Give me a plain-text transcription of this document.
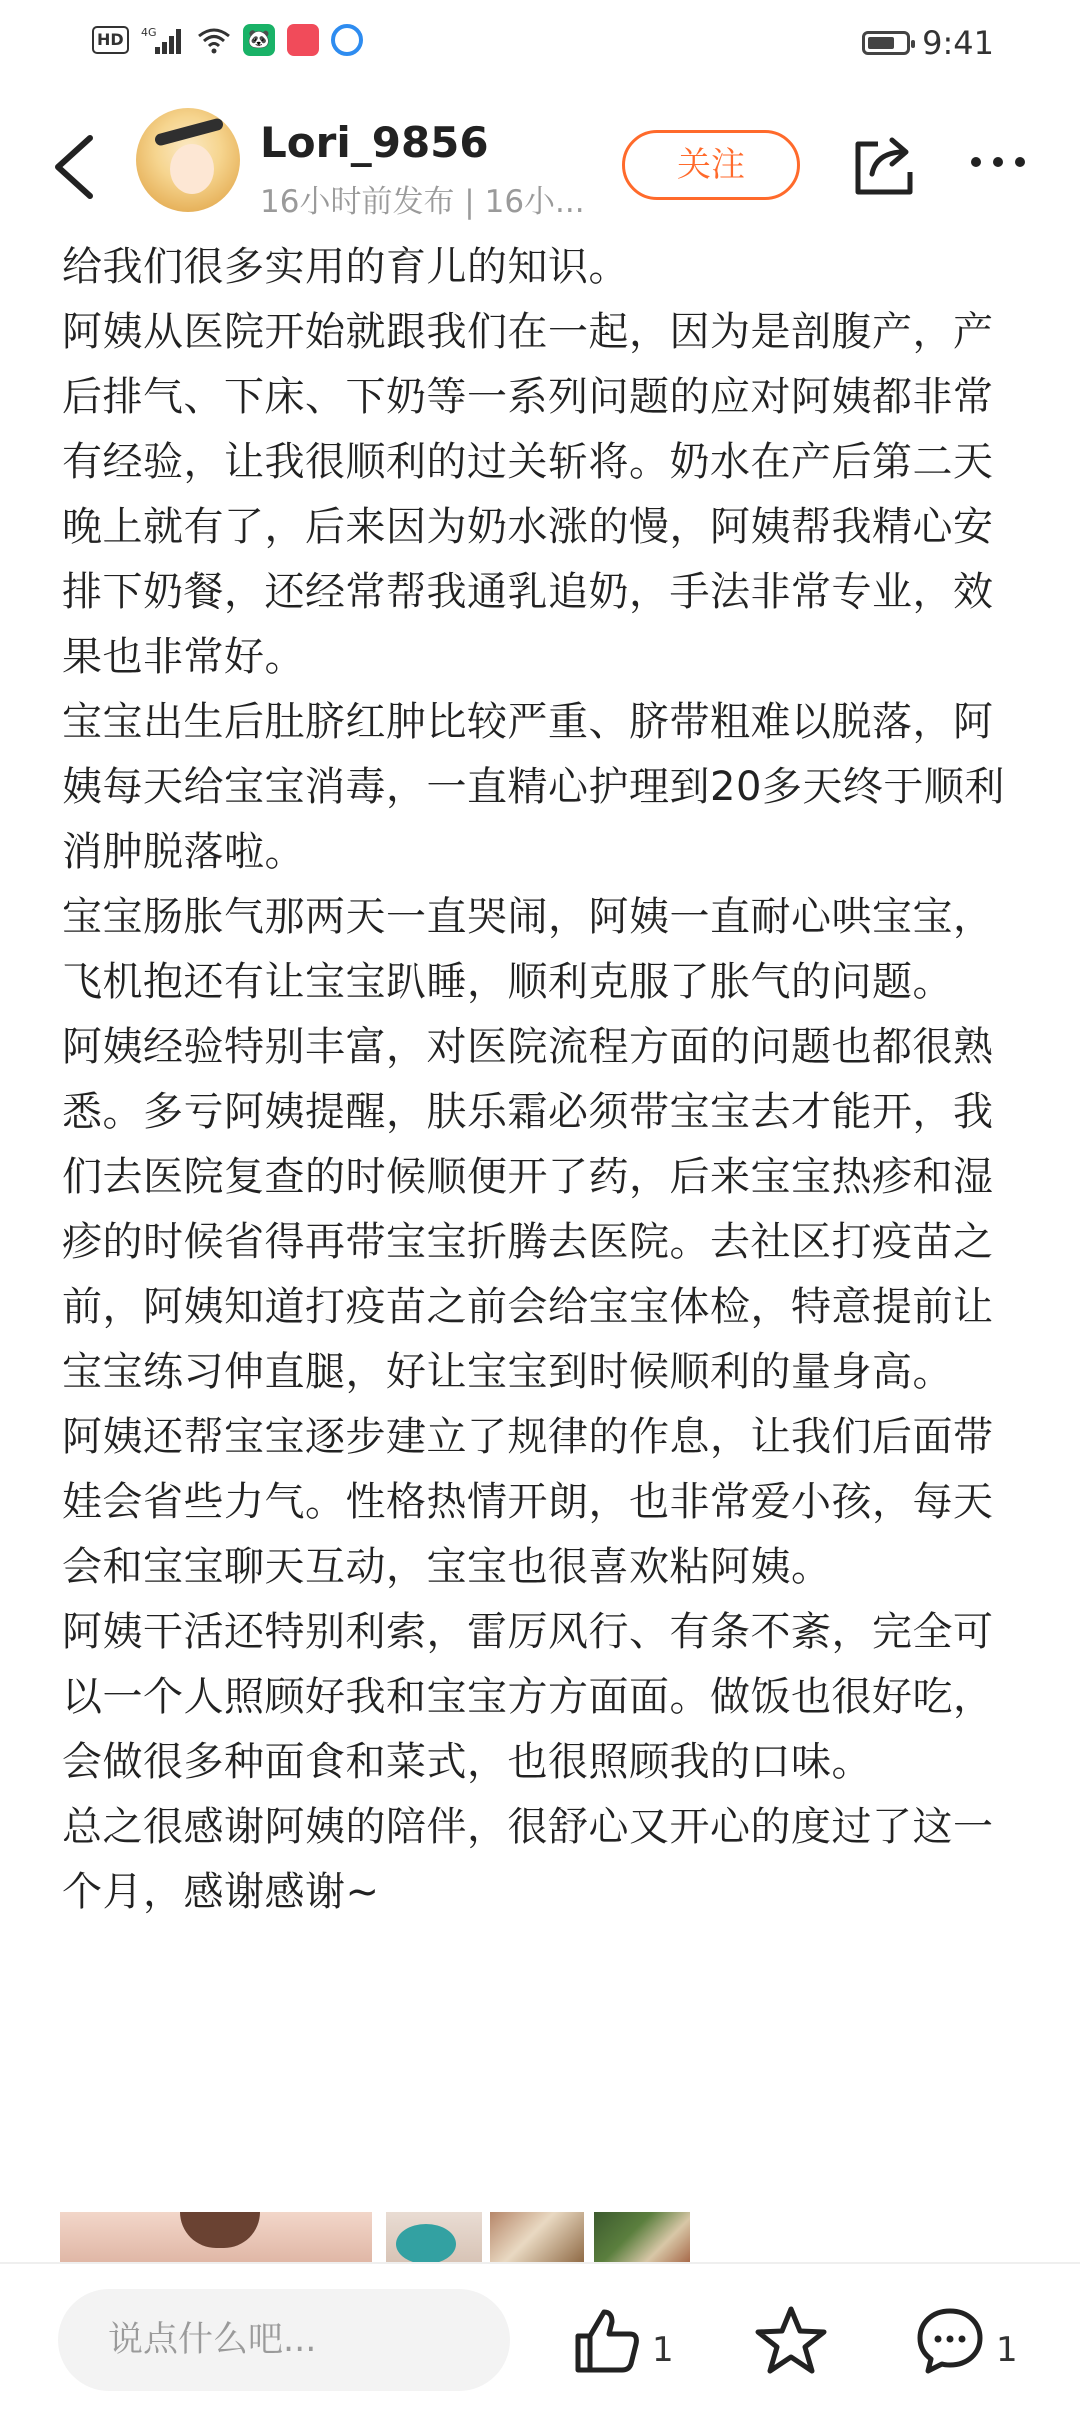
HD	4G	🐼	9:41
Lori_9856
16小时前发布 | 16小...
关注

给我们很多实用的育儿的知识。

阿姨从医院开始就跟我们在一起，因为是剖腹产，产后排气、下床、下奶等一系列问题的应对阿姨都非常有经验，让我很顺利的过关斩将。奶水在产后第二天晚上就有了，后来因为奶水涨的慢，阿姨帮我精心安排下奶餐，还经常帮我通乳追奶，手法非常专业，效果也非常好。

宝宝出生后肚脐红肿比较严重、脐带粗难以脱落，阿姨每天给宝宝消毒，一直精心护理到20多天终于顺利消肿脱落啦。

宝宝肠胀气那两天一直哭闹，阿姨一直耐心哄宝宝，飞机抱还有让宝宝趴睡，顺利克服了胀气的问题。

阿姨经验特别丰富，对医院流程方面的问题也都很熟悉。多亏阿姨提醒，肤乐霜必须带宝宝去才能开，我们去医院复查的时候顺便开了药，后来宝宝热疹和湿疹的时候省得再带宝宝折腾去医院。去社区打疫苗之前，阿姨知道打疫苗之前会给宝宝体检，特意提前让宝宝练习伸直腿，好让宝宝到时候顺利的量身高。

阿姨还帮宝宝逐步建立了规律的作息，让我们后面带娃会省些力气。性格热情开朗，也非常爱小孩，每天会和宝宝聊天互动，宝宝也很喜欢粘阿姨。

阿姨干活还特别利索，雷厉风行、有条不紊，完全可以一个人照顾好我和宝宝方方面面。做饭也很好吃，会做很多种面食和菜式，也很照顾我的口味。

总之很感谢阿姨的陪伴，很舒心又开心的度过了这一个月，感谢感谢~

说点什么吧...	1	1
